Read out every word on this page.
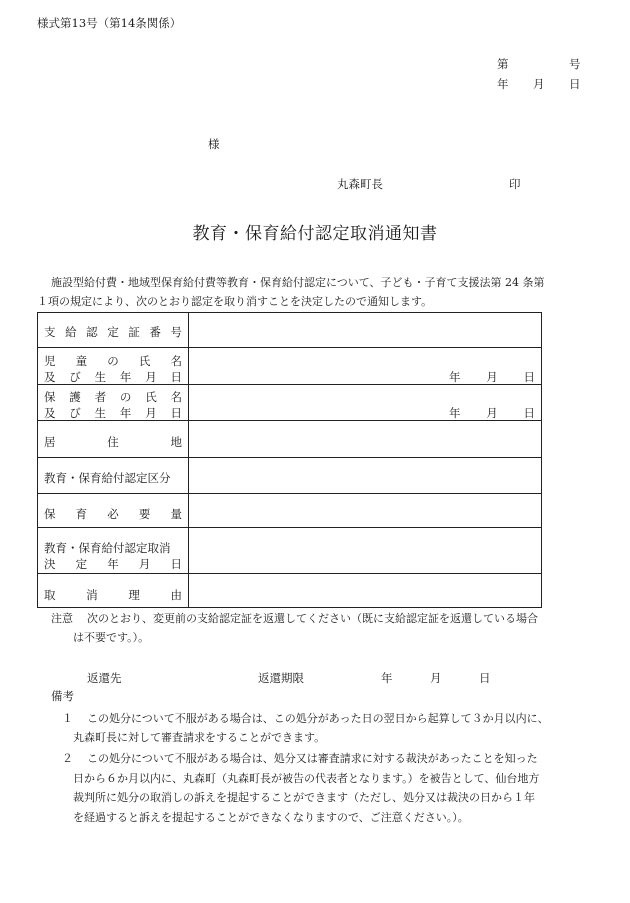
様式第13号（第14条関係）
第	号
年 月 日
様
丸森町長	印
教育・保育給付認定取消通知書
施設型給付費・地域型保育給付費等教育・保育給付認定について、子ども・子育て支援法第 24 条第
１項の規定により、次のとおり認定を取り消すことを決定したので通知します。
支 給 認 定 証 番 号
児 童 の 氏 名
及 び 生 年 月 日	年 月 日
保 護 者 の 氏 名
及 び 生 年 月 日	年 月 日
居	住	地
教育・保育給付認定区分
保 育 必 要 量
教育・保育給付認定取消
決 定 年 月 日
取	消	理	由
注意 次のとおり、変更前の支給認定証を返還してください（既に支給認定証を返還している場合
は不要です。）。
返還先	返還期限	年	月	日
備考
１ この処分について不服がある場合は、この処分があった日の翌日から起算して３か月以内に、
丸森町長に対して審査請求をすることができます。
２ この処分について不服がある場合は、処分又は審査請求に対する裁決があったことを知った
日から６か月以内に、丸森町（丸森町長が被告の代表者となります。）を被告として、仙台地方
裁判所に処分の取消しの訴えを提起することができます（ただし、処分又は裁決の日から１年
を経過すると訴えを提起することができなくなりますので、ご注意ください。）。
